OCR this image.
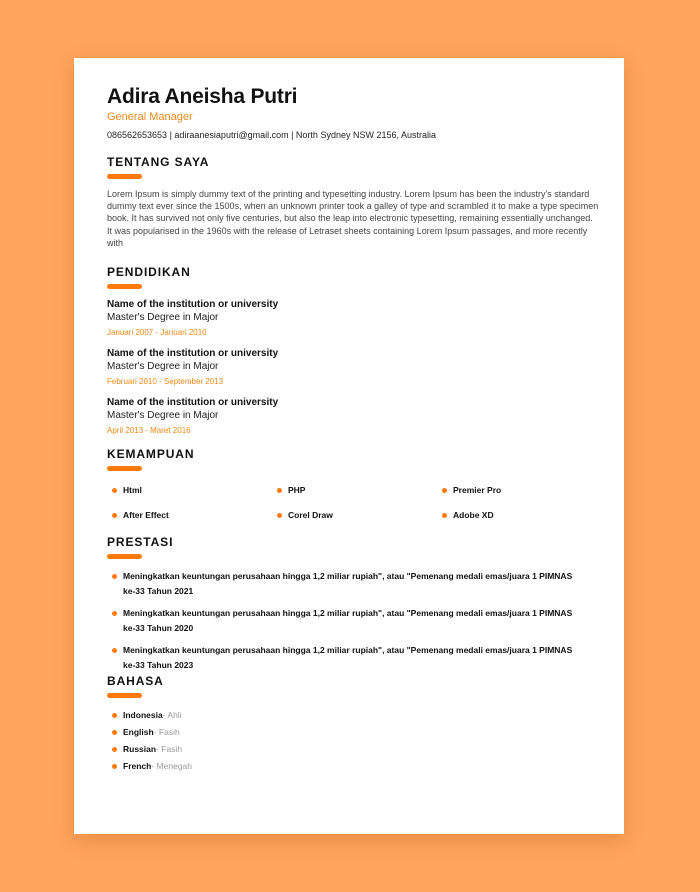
Adira Aneisha Putri
General Manager
086562653653 | adiraanesiaputri@gmail.com | North Sydney NSW 2156, Australia
TENTANG SAYA
Lorem Ipsum is simply dummy text of the printing and typesetting industry. Lorem Ipsum has been the industry's standard dummy text ever since the 1500s, when an unknown printer took a galley of type and scrambled it to make a type specimen book. It has survived not only five centuries, but also the leap into electronic typesetting, remaining essentially unchanged. It was popularised in the 1960s with the release of Letraset sheets containing Lorem Ipsum passages, and more recently with
PENDIDIKAN
Name of the institution or university
Master's Degree in Major
Januari 2007 - Januari 2010
Name of the institution or university
Master's Degree in Major
Februari 2010 - September 2013
Name of the institution or university
Master's Degree in Major
April 2013 - Maret 2016
KEMAMPUAN
Html	PHP	Premier Pro
After Effect	Corel Draw	Adobe XD
PRESTASI
Meningkatkan keuntungan perusahaan hingga 1,2 miliar rupiah", atau "Pemenang medali emas/juara 1 PIMNAS ke-33 Tahun 2021
Meningkatkan keuntungan perusahaan hingga 1,2 miliar rupiah", atau "Pemenang medali emas/juara 1 PIMNAS ke-33 Tahun 2020
Meningkatkan keuntungan perusahaan hingga 1,2 miliar rupiah", atau "Pemenang medali emas/juara 1 PIMNAS ke-33 Tahun 2023
BAHASA
Indonesia - Ahli
English - Fasih
Russian - Fasih
French - Menegah
